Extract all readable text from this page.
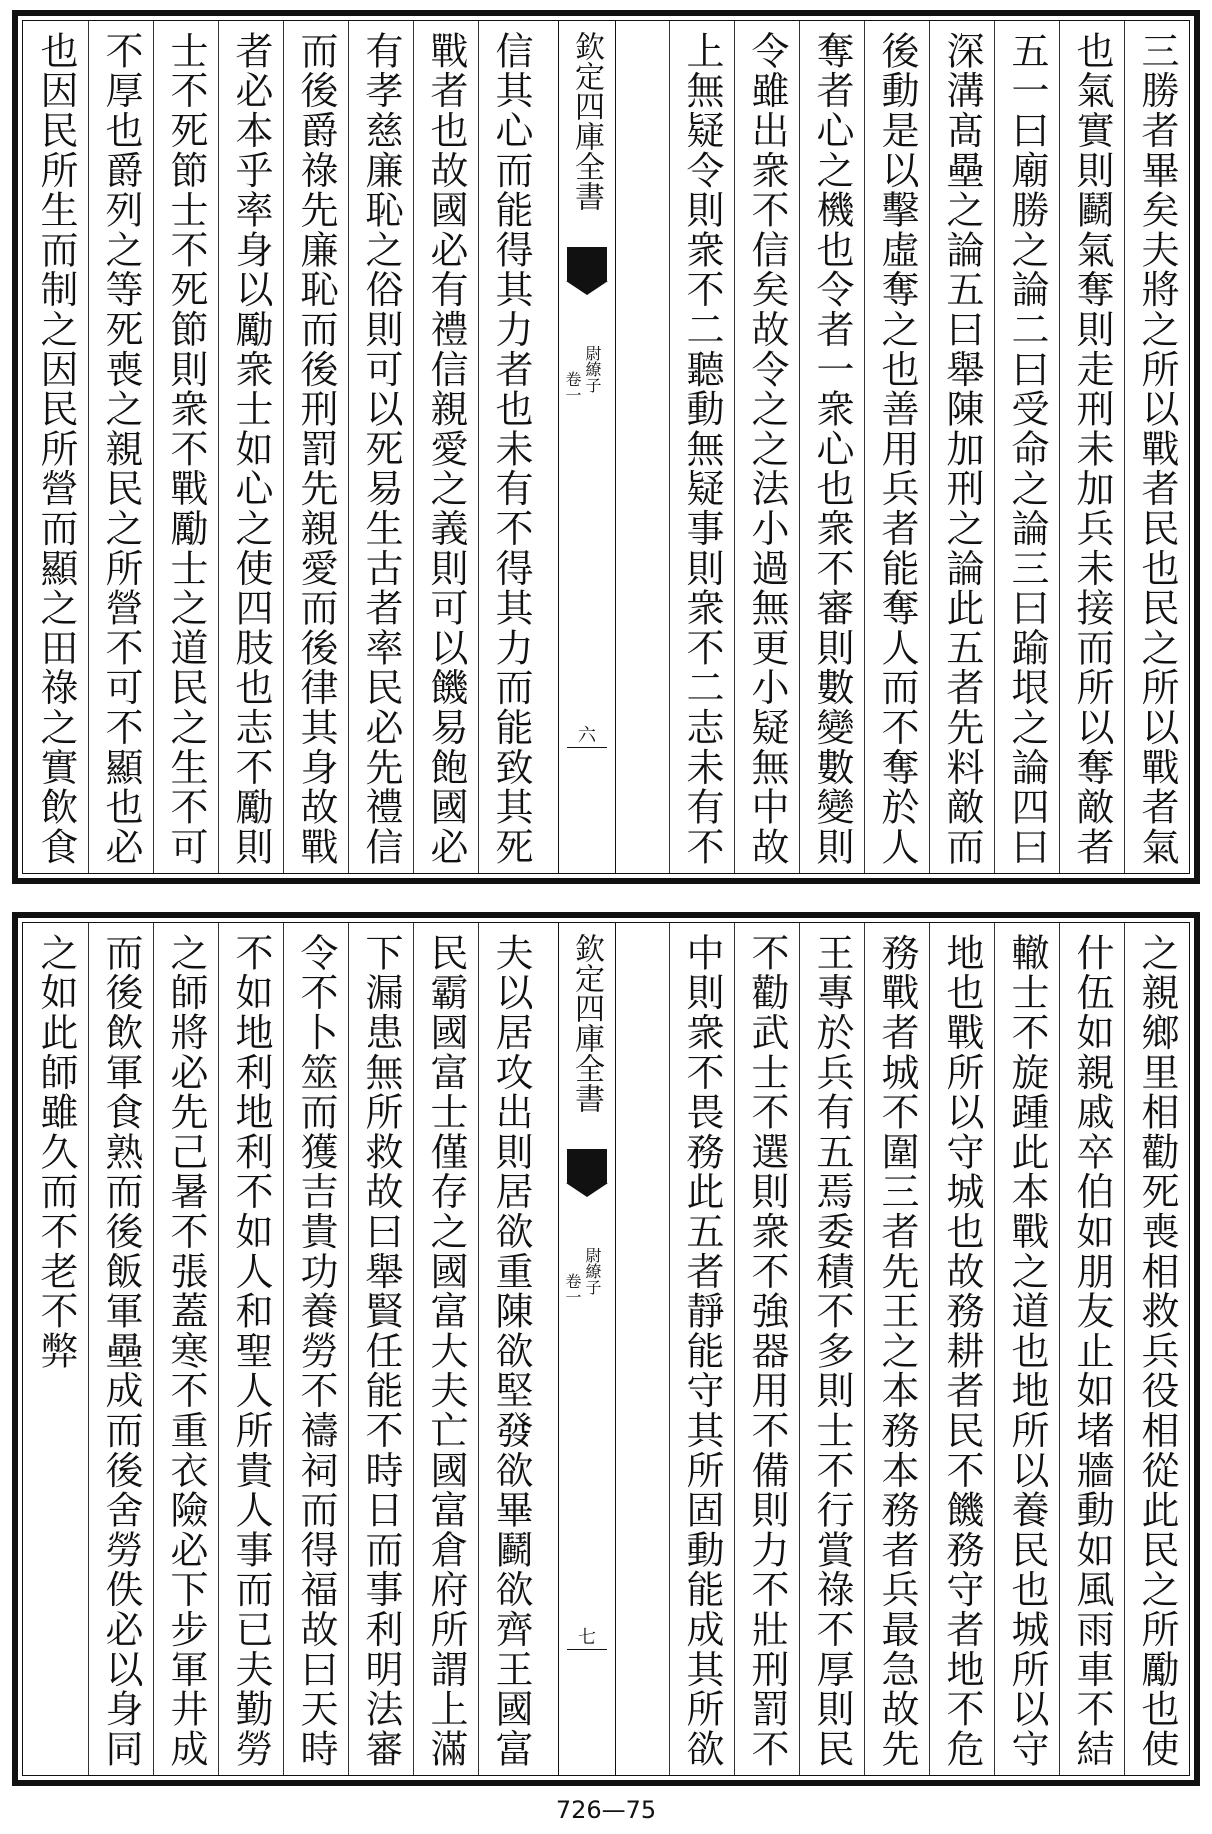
三勝者畢矣夫將之所以戰者民也民之所以戰者氣
也氣實則鬬氣奪則走刑未加兵未接而所以奪敵者
五一曰廟勝之論二曰受命之論三曰踰垠之論四曰
深溝髙壘之論五曰舉陳加刑之論此五者先料敵而
後動是以擊虛奪之也善用兵者能奪人而不奪於人
奪者心之機也令者一衆心也衆不審則數變數變則
令雖出衆不信矣故令之之法小過無更小疑無中故
上無疑令則衆不二聽動無疑事則衆不二志未有不
欽定四庫全書
尉繚子
卷一
六
信其心而能得其力者也未有不得其力而能致其死
戰者也故國必有禮信親愛之義則可以饑易飽國必
有孝慈廉恥之俗則可以死易生古者率民必先禮信
而後爵祿先廉恥而後刑罰先親愛而後律其身故戰
者必本乎率身以勵衆士如心之使四肢也志不勵則
士不死節士不死節則衆不戰勵士之道民之生不可
不厚也爵列之等死喪之親民之所營不可不顯也必
也因民所生而制之因民所營而顯之田祿之實飲食
之親鄉里相勸死喪相救兵役相從此民之所勵也使
什伍如親戚卒伯如朋友止如堵牆動如風雨車不結
轍士不旋踵此本戰之道也地所以養民也城所以守
地也戰所以守城也故務耕者民不饑務守者地不危
務戰者城不圍三者先王之本務本務者兵最急故先
王專於兵有五焉委積不多則士不行賞祿不厚則民
不勸武士不選則衆不強器用不備則力不壯刑罰不
中則衆不畏務此五者靜能守其所固動能成其所欲
欽定四庫全書
尉繚子
卷一
七
夫以居攻出則居欲重陳欲堅發欲畢鬬欲齊王國富
民霸國富士僅存之國富大夫亡國富倉府所謂上滿
下漏患無所救故曰舉賢任能不時日而事利明法審
令不卜筮而獲吉貴功養勞不禱祠而得福故曰天時
不如地利地利不如人和聖人所貴人事而已夫勤勞
之師將必先己暑不張蓋寒不重衣險必下步軍井成
而後飲軍食熟而後飯軍壘成而後舍勞佚必以身同
之如此師雖久而不老不弊
726—75
